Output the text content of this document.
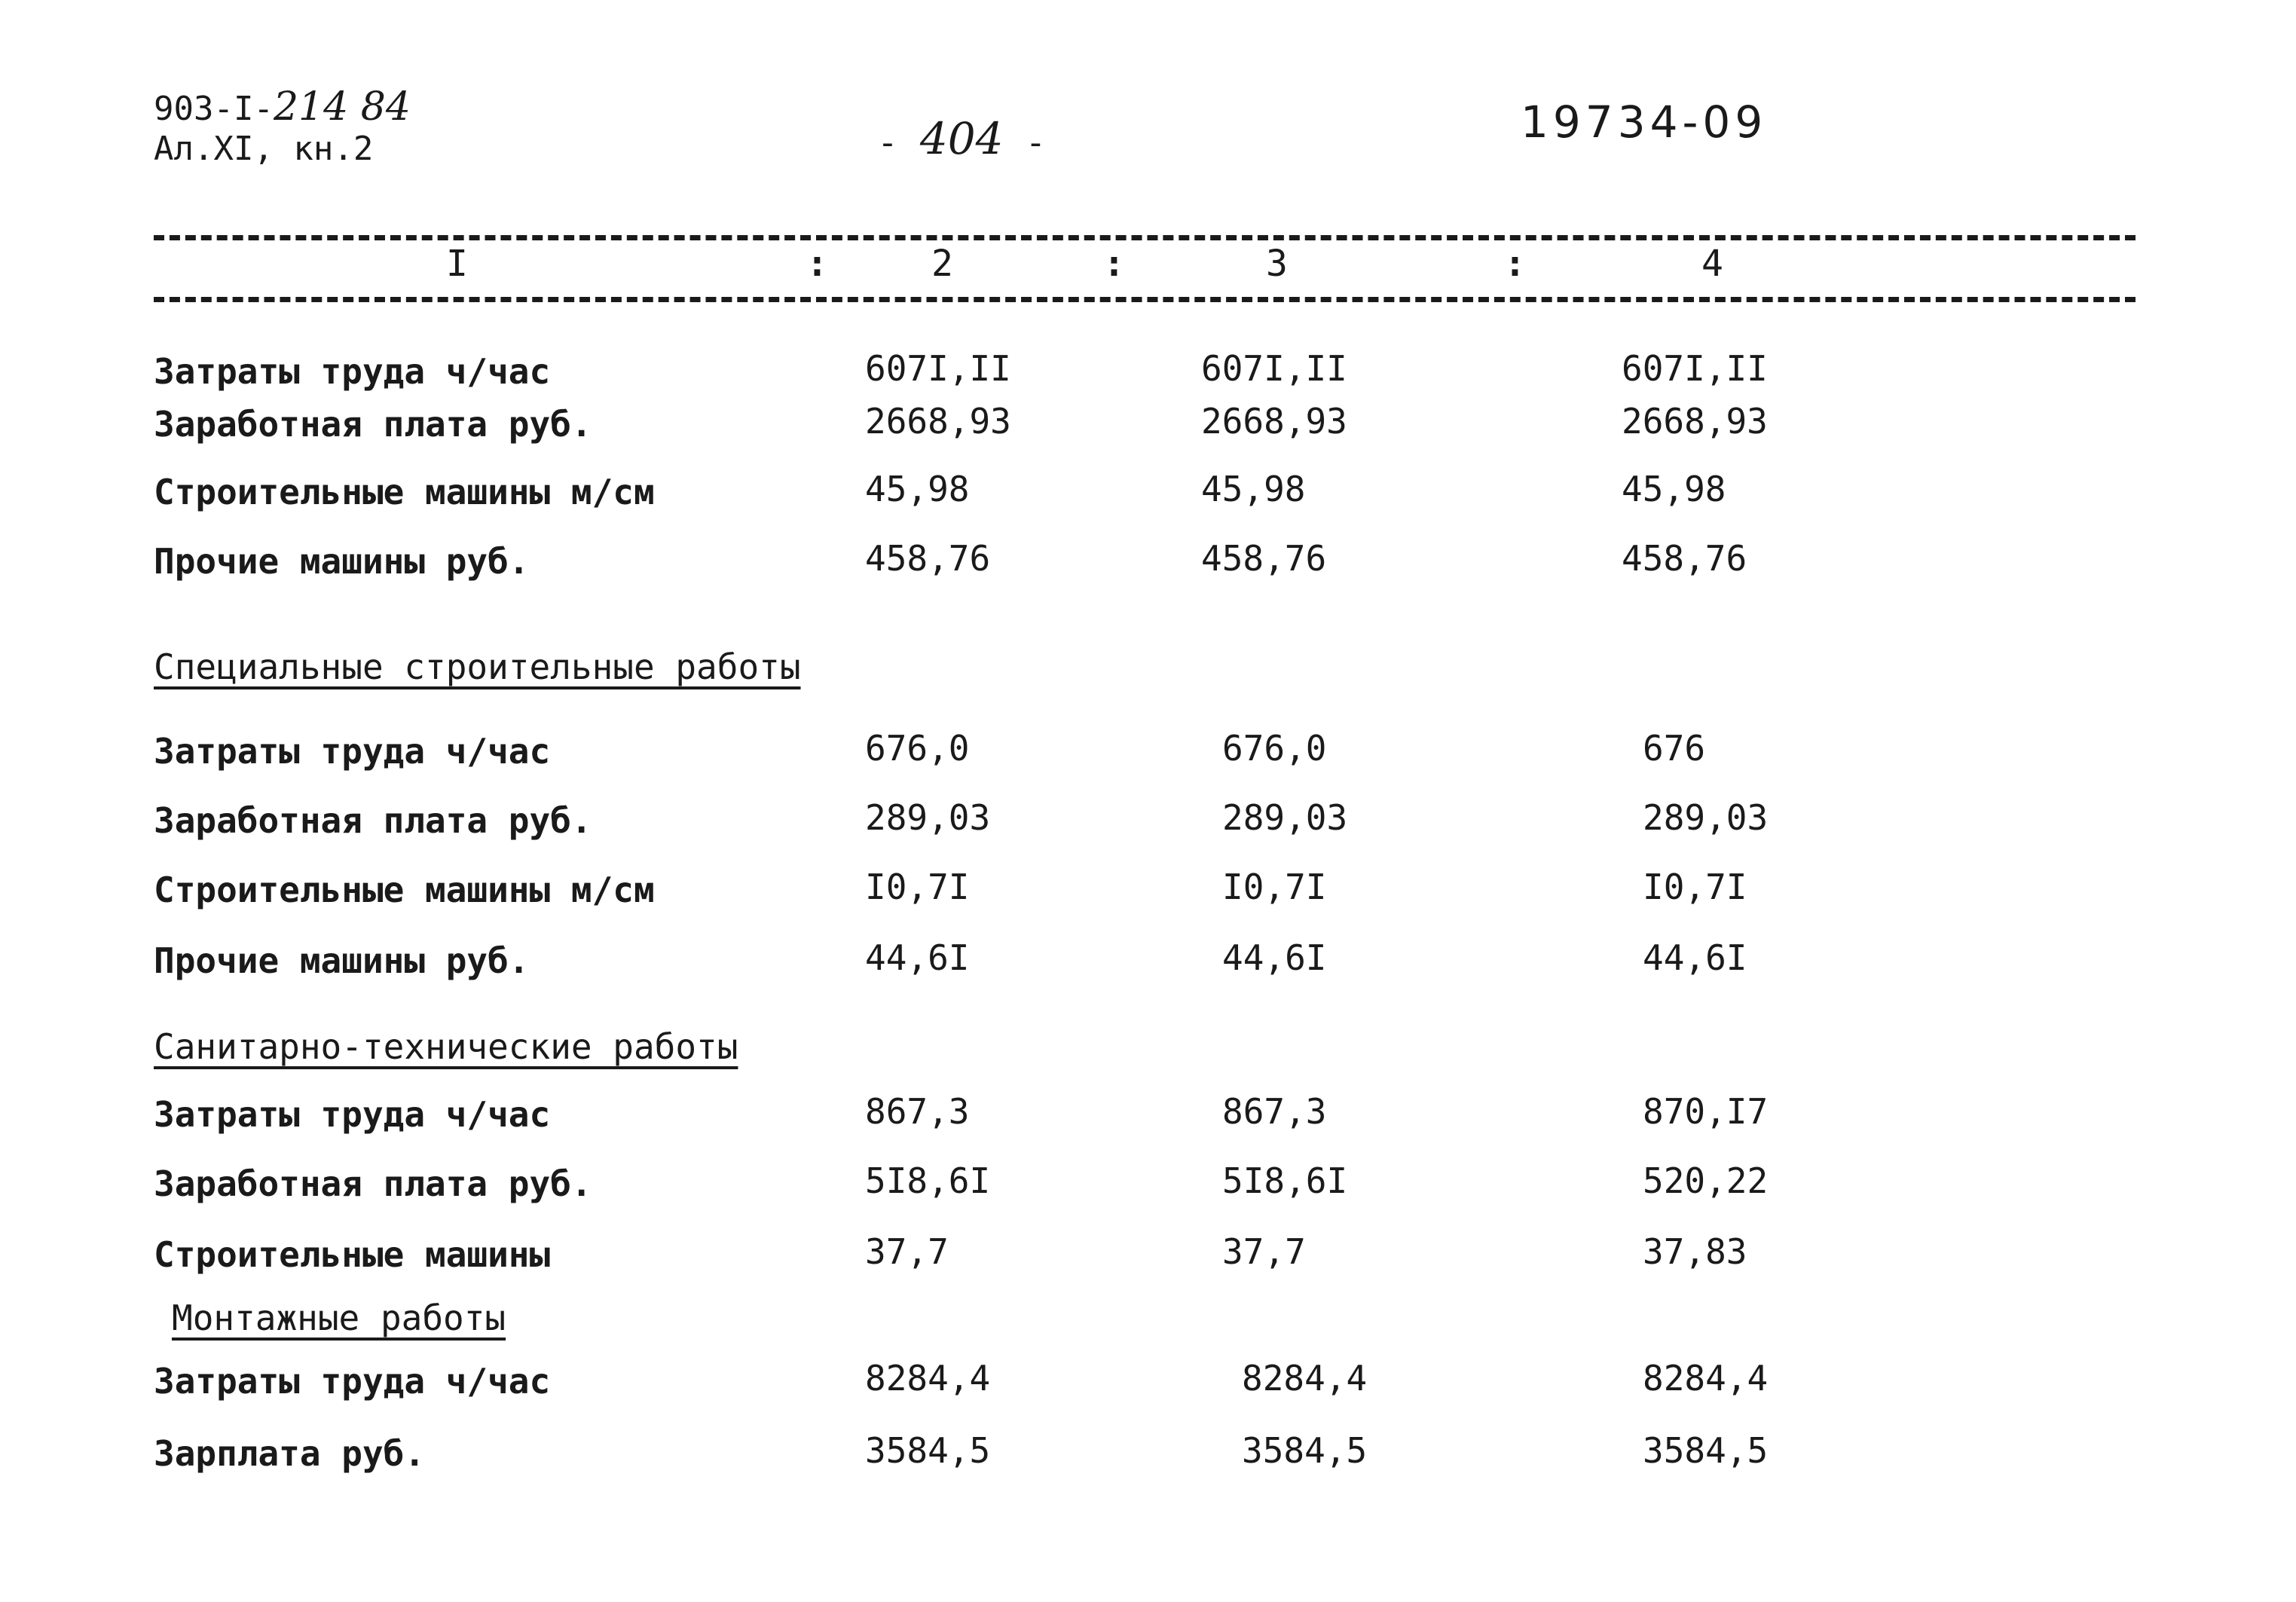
903-I-214 84
Ал.XI, кн.2	- 404 -	19734-09
I	:	2	:	3	:	4
Затраты труда ч/час	607I,II	607I,II	607I,II
Заработная плата руб.	2668,93	2668,93	2668,93
Строительные машины м/см	45,98	45,98	45,98
Прочие машины руб.	458,76	458,76	458,76
Специальные строительные работы
Затраты труда ч/час	676,0	676,0	676
Заработная плата руб.	289,03	289,03	289,03
Строительные машины м/см	I0,7I	I0,7I	I0,7I
Прочие машины руб.	44,6I	44,6I	44,6I
Санитарно-технические работы
Затраты труда ч/час	867,3	867,3	870,I7
Заработная плата руб.	5I8,6I	5I8,6I	520,22
Строительные машины	37,7	37,7	37,83
Монтажные работы
Затраты труда ч/час	8284,4	8284,4	8284,4
Зарплата руб.	3584,5	3584,5	3584,5
